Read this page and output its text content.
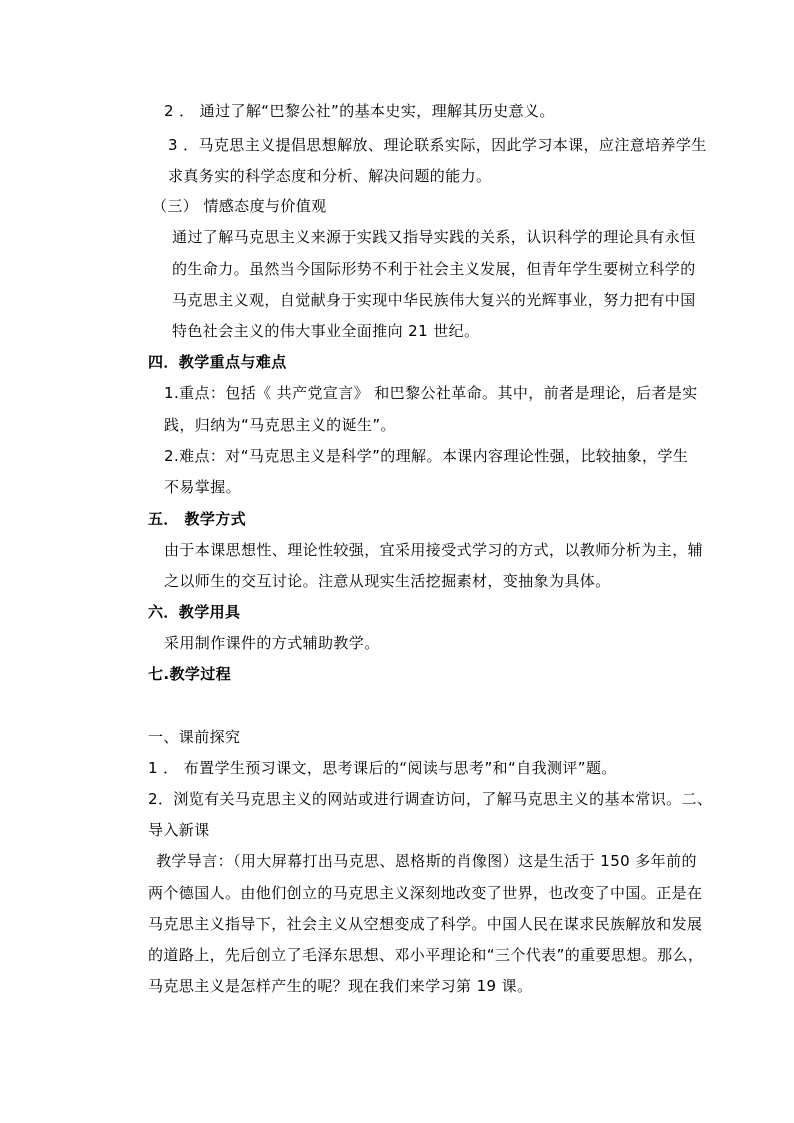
2 ． 通过了解“巴黎公社”的基本史实，理解其历史意义。
3 ．马克思主义提倡思想解放、理论联系实际，因此学习本课，应注意培养学生
求真务实的科学态度和分析、解决问题的能力。
（三） 情感态度与价值观
通过了解马克思主义来源于实践又指导实践的关系，认识科学的理论具有永恒
的生命力。虽然当今国际形势不利于社会主义发展，但青年学生要树立科学的
马克思主义观，自觉献身于实现中华民族伟大复兴的光辉事业，努力把有中国
特色社会主义的伟大事业全面推向 21 世纪。
四．教学重点与难点
1.重点：包括《 共产党宣言》 和巴黎公社革命。其中，前者是理论，后者是实
践，归纳为“马克思主义的诞生”。
2.难点：对“马克思主义是科学”的理解。本课内容理论性强，比较抽象，学生
不易掌握。
五． 教学方式
由于本课思想性、理论性较强，宜采用接受式学习的方式，以教师分析为主，辅
之以师生的交互讨论。注意从现实生活挖掘素材，变抽象为具体。
六．教学用具
采用制作课件的方式辅助教学。
七.教学过程
一、课前探究
1 ． 布置学生预习课文，思考课后的“阅读与思考”和“自我测评”题。
2．浏览有关马克思主义的网站或进行调查访问，了解马克思主义的基本常识。二、
导入新课
教学导言：（用大屏幕打出马克思、恩格斯的肖像图）这是生活于 150 多年前的
两个德国人。由他们创立的马克思主义深刻地改变了世界，也改变了中国。正是在
马克思主义指导下，社会主义从空想变成了科学。中国人民在谋求民族解放和发展
的道路上，先后创立了毛泽东思想、邓小平理论和“三个代表”的重要思想。那么，
马克思主义是怎样产生的呢？现在我们来学习第 19 课。
